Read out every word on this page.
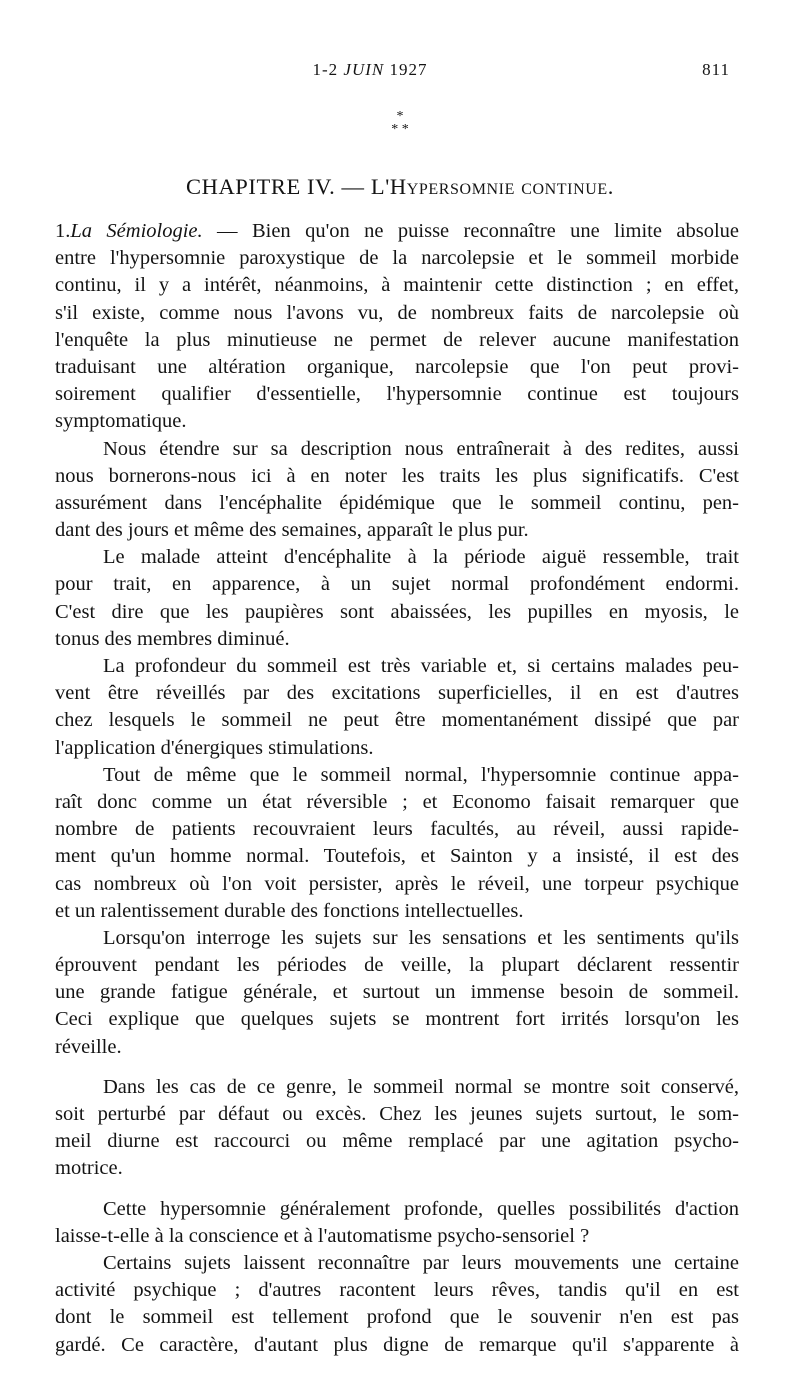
1-2 JUIN 1927	811
*
* *
CHAPITRE IV. — L'Hypersomnie continue.
1.La Sémiologie. — Bien qu'on ne puisse reconnaître une limite absolue
entre l'hypersomnie paroxystique de la narcolepsie et le sommeil morbide
continu, il y a intérêt, néanmoins, à maintenir cette distinction ; en effet,
s'il existe, comme nous l'avons vu, de nombreux faits de narcolepsie où
l'enquête la plus minutieuse ne permet de relever aucune manifestation
traduisant une altération organique, narcolepsie que l'on peut provi-
soirement qualifier d'essentielle, l'hypersomnie continue est toujours
symptomatique.
Nous étendre sur sa description nous entraînerait à des redites, aussi
nous bornerons-nous ici à en noter les traits les plus significatifs. C'est
assurément dans l'encéphalite épidémique que le sommeil continu, pen-
dant des jours et même des semaines, apparaît le plus pur.
Le malade atteint d'encéphalite à la période aiguë ressemble, trait
pour trait, en apparence, à un sujet normal profondément endormi.
C'est dire que les paupières sont abaissées, les pupilles en myosis, le
tonus des membres diminué.
La profondeur du sommeil est très variable et, si certains malades peu-
vent être réveillés par des excitations superficielles, il en est d'autres
chez lesquels le sommeil ne peut être momentanément dissipé que par
l'application d'énergiques stimulations.
Tout de même que le sommeil normal, l'hypersomnie continue appa-
raît donc comme un état réversible ; et Economo faisait remarquer que
nombre de patients recouvraient leurs facultés, au réveil, aussi rapide-
ment qu'un homme normal. Toutefois, et Sainton y a insisté, il est des
cas nombreux où l'on voit persister, après le réveil, une torpeur psychique
et un ralentissement durable des fonctions intellectuelles.
Lorsqu'on interroge les sujets sur les sensations et les sentiments qu'ils
éprouvent pendant les périodes de veille, la plupart déclarent ressentir
une grande fatigue générale, et surtout un immense besoin de sommeil.
Ceci explique que quelques sujets se montrent fort irrités lorsqu'on les
réveille.
Dans les cas de ce genre, le sommeil normal se montre soit conservé,
soit perturbé par défaut ou excès. Chez les jeunes sujets surtout, le som-
meil diurne est raccourci ou même remplacé par une agitation psycho-
motrice.
Cette hypersomnie généralement profonde, quelles possibilités d'action
laisse-t-elle à la conscience et à l'automatisme psycho-sensoriel ?
Certains sujets laissent reconnaître par leurs mouvements une certaine
activité psychique ; d'autres racontent leurs rêves, tandis qu'il en est
dont le sommeil est tellement profond que le souvenir n'en est pas
gardé. Ce caractère, d'autant plus digne de remarque qu'il s'apparente à
